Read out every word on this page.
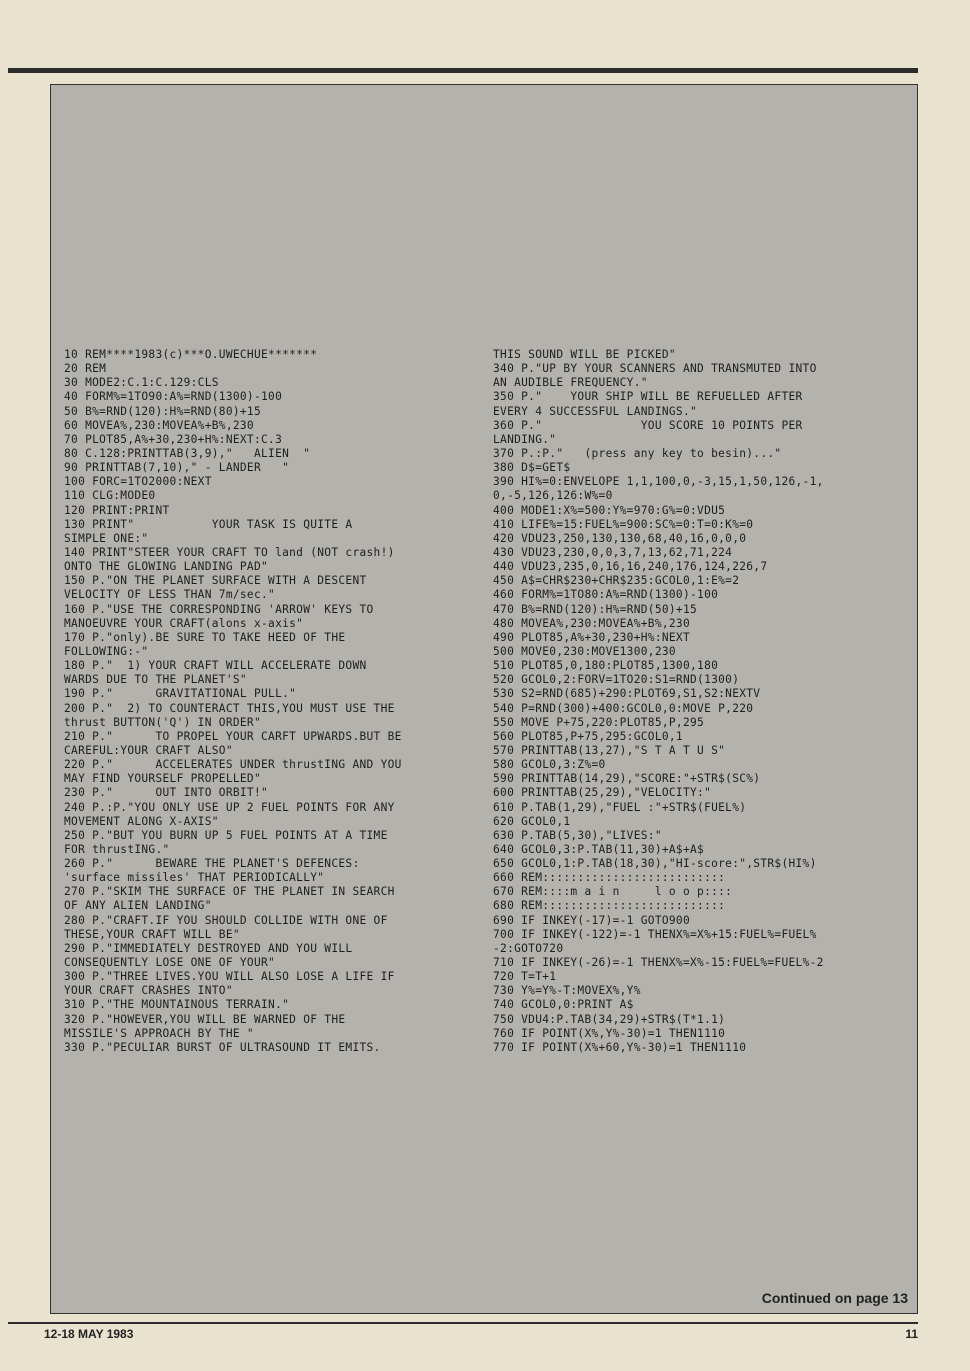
10 REM****1983(c)***O.UWECHUE*******
20 REM
30 MODE2:C.1:C.129:CLS
40 FORM%=1TO90:A%=RND(1300)-100
50 B%=RND(120):H%=RND(80)+15
60 MOVEA%,230:MOVEA%+B%,230
70 PLOT85,A%+30,230+H%:NEXT:C.3
80 C.128:PRINTTAB(3,9),"   ALIEN  "
90 PRINTTAB(7,10)," - LANDER   "
100 FORC=1TO2000:NEXT
110 CLG:MODE0
120 PRINT:PRINT
130 PRINT"           YOUR TASK IS QUITE A
SIMPLE ONE:"
140 PRINT"STEER YOUR CRAFT TO land (NOT crash!)
ONTO THE GLOWING LANDING PAD"
150 P."ON THE PLANET SURFACE WITH A DESCENT
VELOCITY OF LESS THAN 7m/sec."
160 P."USE THE CORRESPONDING 'ARROW' KEYS TO
MANOEUVRE YOUR CRAFT(alons x-axis"
170 P."only).BE SURE TO TAKE HEED OF THE
FOLLOWING:-"
180 P."  1) YOUR CRAFT WILL ACCELERATE DOWN
WARDS DUE TO THE PLANET'S"
190 P."      GRAVITATIONAL PULL."
200 P."  2) TO COUNTERACT THIS,YOU MUST USE THE
thrust BUTTON('Q') IN ORDER"
210 P."      TO PROPEL YOUR CARFT UPWARDS.BUT BE
CAREFUL:YOUR CRAFT ALSO"
220 P."      ACCELERATES UNDER thrustING AND YOU
MAY FIND YOURSELF PROPELLED"
230 P."      OUT INTO ORBIT!"
240 P.:P."YOU ONLY USE UP 2 FUEL POINTS FOR ANY
MOVEMENT ALONG X-AXIS"
250 P."BUT YOU BURN UP 5 FUEL POINTS AT A TIME
FOR thrustING."
260 P."      BEWARE THE PLANET'S DEFENCES:
'surface missiles' THAT PERIODICALLY"
270 P."SKIM THE SURFACE OF THE PLANET IN SEARCH
OF ANY ALIEN LANDING"
280 P."CRAFT.IF YOU SHOULD COLLIDE WITH ONE OF
THESE,YOUR CRAFT WILL BE"
290 P."IMMEDIATELY DESTROYED AND YOU WILL
CONSEQUENTLY LOSE ONE OF YOUR"
300 P."THREE LIVES.YOU WILL ALSO LOSE A LIFE IF
YOUR CRAFT CRASHES INTO"
310 P."THE MOUNTAINOUS TERRAIN."
320 P."HOWEVER,YOU WILL BE WARNED OF THE
MISSILE'S APPROACH BY THE "
330 P."PECULIAR BURST OF ULTRASOUND IT EMITS.
THIS SOUND WILL BE PICKED"
340 P."UP BY YOUR SCANNERS AND TRANSMUTED INTO
AN AUDIBLE FREQUENCY."
350 P."    YOUR SHIP WILL BE REFUELLED AFTER
EVERY 4 SUCCESSFUL LANDINGS."
360 P."              YOU SCORE 10 POINTS PER
LANDING."
370 P.:P."   (press any key to besin)..."
380 D$=GET$
390 HI%=0:ENVELOPE 1,1,100,0,-3,15,1,50,126,-1,
0,-5,126,126:W%=0
400 MODE1:X%=500:Y%=970:G%=0:VDU5
410 LIFE%=15:FUEL%=900:SC%=0:T=0:K%=0
420 VDU23,250,130,130,68,40,16,0,0,0
430 VDU23,230,0,0,3,7,13,62,71,224
440 VDU23,235,0,16,16,240,176,124,226,7
450 A$=CHR$230+CHR$235:GCOL0,1:E%=2
460 FORM%=1TO80:A%=RND(1300)-100
470 B%=RND(120):H%=RND(50)+15
480 MOVEA%,230:MOVEA%+B%,230
490 PLOT85,A%+30,230+H%:NEXT
500 MOVE0,230:MOVE1300,230
510 PLOT85,0,180:PLOT85,1300,180
520 GCOL0,2:FORV=1TO20:S1=RND(1300)
530 S2=RND(685)+290:PLOT69,S1,S2:NEXTV
540 P=RND(300)+400:GCOL0,0:MOVE P,220
550 MOVE P+75,220:PLOT85,P,295
560 PLOT85,P+75,295:GCOL0,1
570 PRINTTAB(13,27),"S T A T U S"
580 GCOL0,3:Z%=0
590 PRINTTAB(14,29),"SCORE:"+STR$(SC%)
600 PRINTTAB(25,29),"VELOCITY:"
610 P.TAB(1,29),"FUEL :"+STR$(FUEL%)
620 GCOL0,1
630 P.TAB(5,30),"LIVES:"
640 GCOL0,3:P.TAB(11,30)+A$+A$
650 GCOL0,1:P.TAB(18,30),"HI-score:",STR$(HI%)
660 REM::::::::::::::::::::::::::
670 REM::::m a i n     l o o p::::
680 REM::::::::::::::::::::::::::
690 IF INKEY(-17)=-1 GOTO900
700 IF INKEY(-122)=-1 THENX%=X%+15:FUEL%=FUEL%
-2:GOTO720
710 IF INKEY(-26)=-1 THENX%=X%-15:FUEL%=FUEL%-2
720 T=T+1
730 Y%=Y%-T:MOVEX%,Y%
740 GCOL0,0:PRINT A$
750 VDU4:P.TAB(34,29)+STR$(T*1.1)
760 IF POINT(X%,Y%-30)=1 THEN1110
770 IF POINT(X%+60,Y%-30)=1 THEN1110
Continued on page 13
12-18 MAY 1983	11
